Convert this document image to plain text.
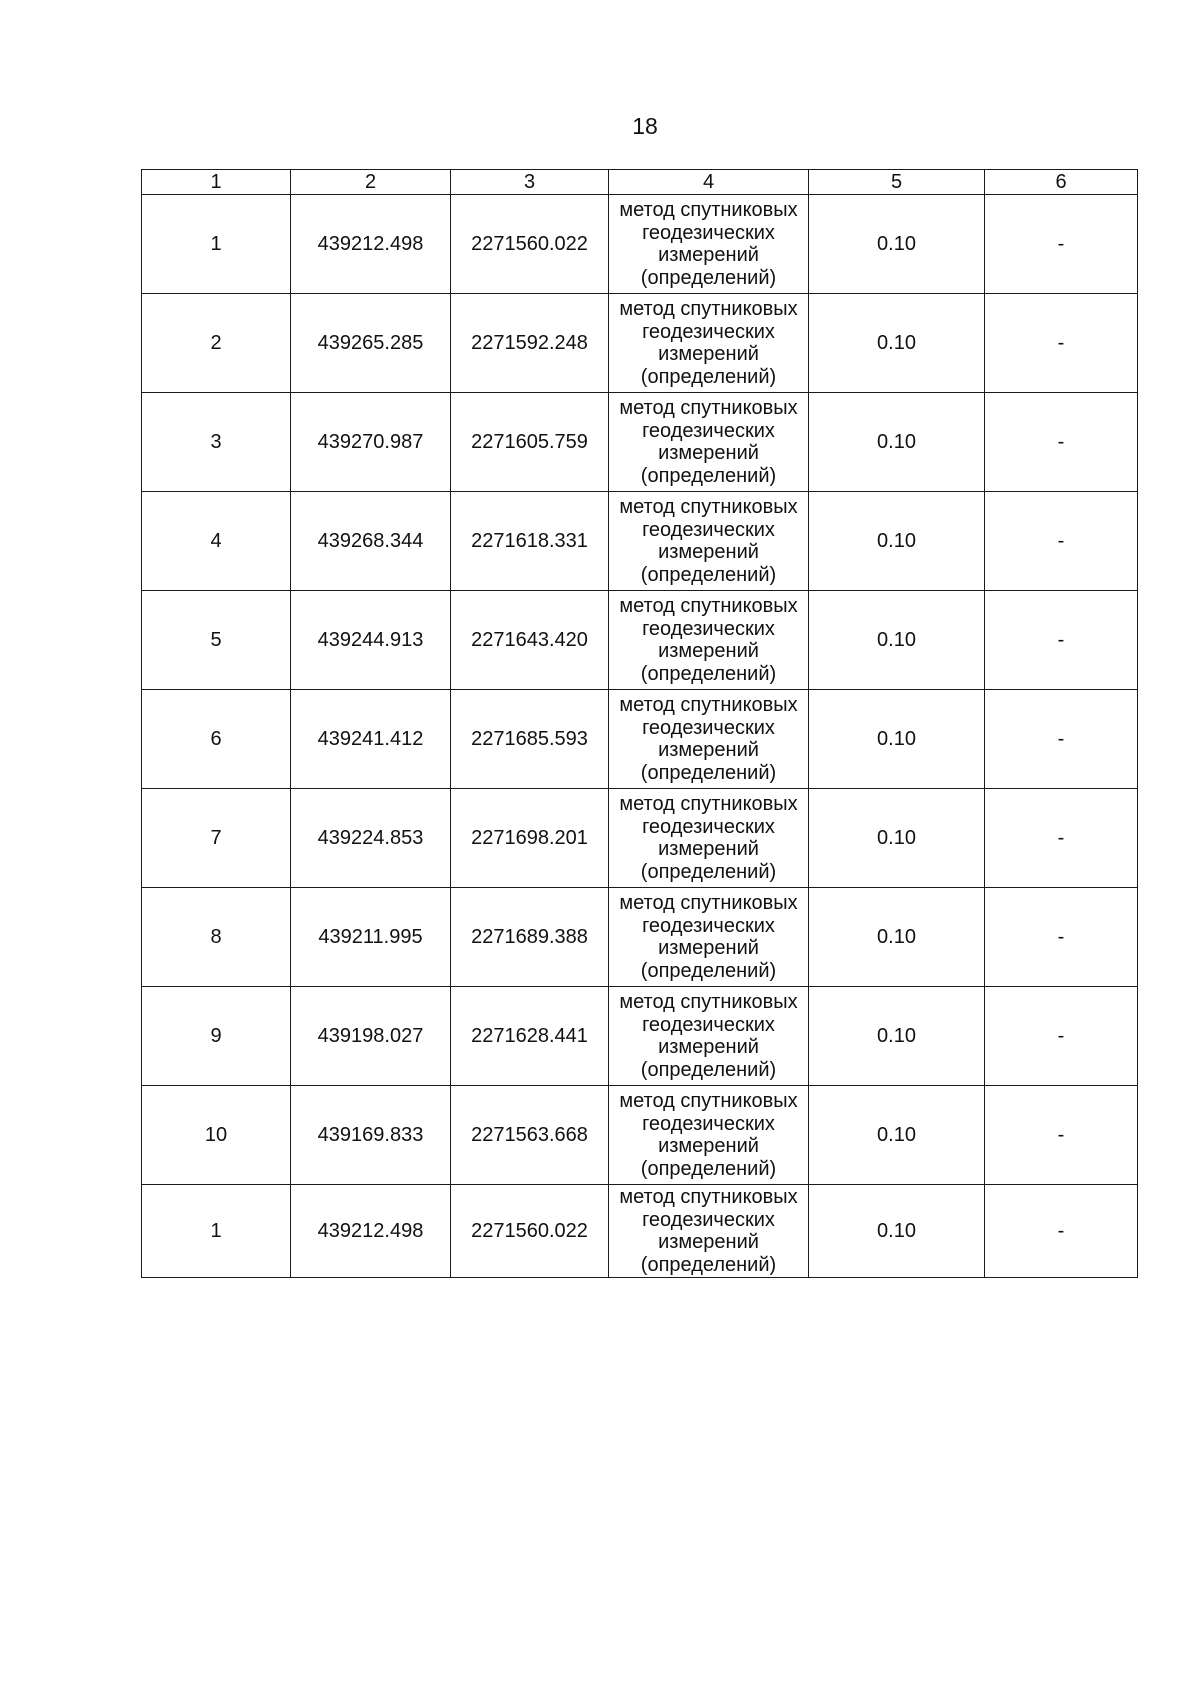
18
1	2	3	4	5	6
1	439212.498	2271560.022	метод спутниковых
геодезических
измерений
(определений)	0.10	-
2	439265.285	2271592.248	метод спутниковых
геодезических
измерений
(определений)	0.10	-
3	439270.987	2271605.759	метод спутниковых
геодезических
измерений
(определений)	0.10	-
4	439268.344	2271618.331	метод спутниковых
геодезических
измерений
(определений)	0.10	-
5	439244.913	2271643.420	метод спутниковых
геодезических
измерений
(определений)	0.10	-
6	439241.412	2271685.593	метод спутниковых
геодезических
измерений
(определений)	0.10	-
7	439224.853	2271698.201	метод спутниковых
геодезических
измерений
(определений)	0.10	-
8	439211.995	2271689.388	метод спутниковых
геодезических
измерений
(определений)	0.10	-
9	439198.027	2271628.441	метод спутниковых
геодезических
измерений
(определений)	0.10	-
10	439169.833	2271563.668	метод спутниковых
геодезических
измерений
(определений)	0.10	-
1	439212.498	2271560.022	метод спутниковых
геодезических
измерений
(определений)	0.10	-
